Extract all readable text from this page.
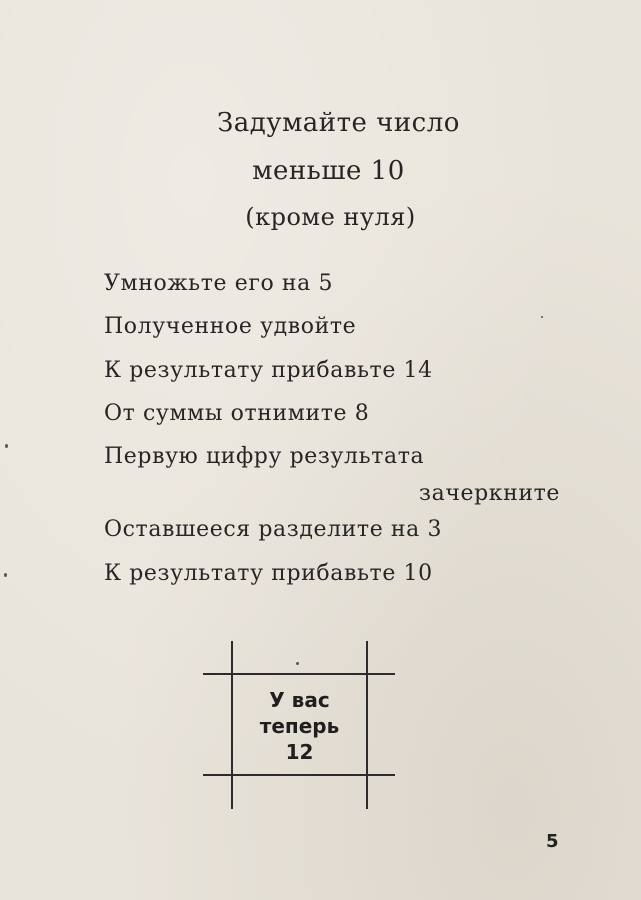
Задумайте число
меньше 10
(кроме нуля)
Умножьте его на 5
Полученное удвойте
К результату прибавьте 14
От суммы отнимите 8
Первую цифру результата
зачеркните
Оставшееся разделите на 3
К результату прибавьте 10
У вас
теперь
12
5
